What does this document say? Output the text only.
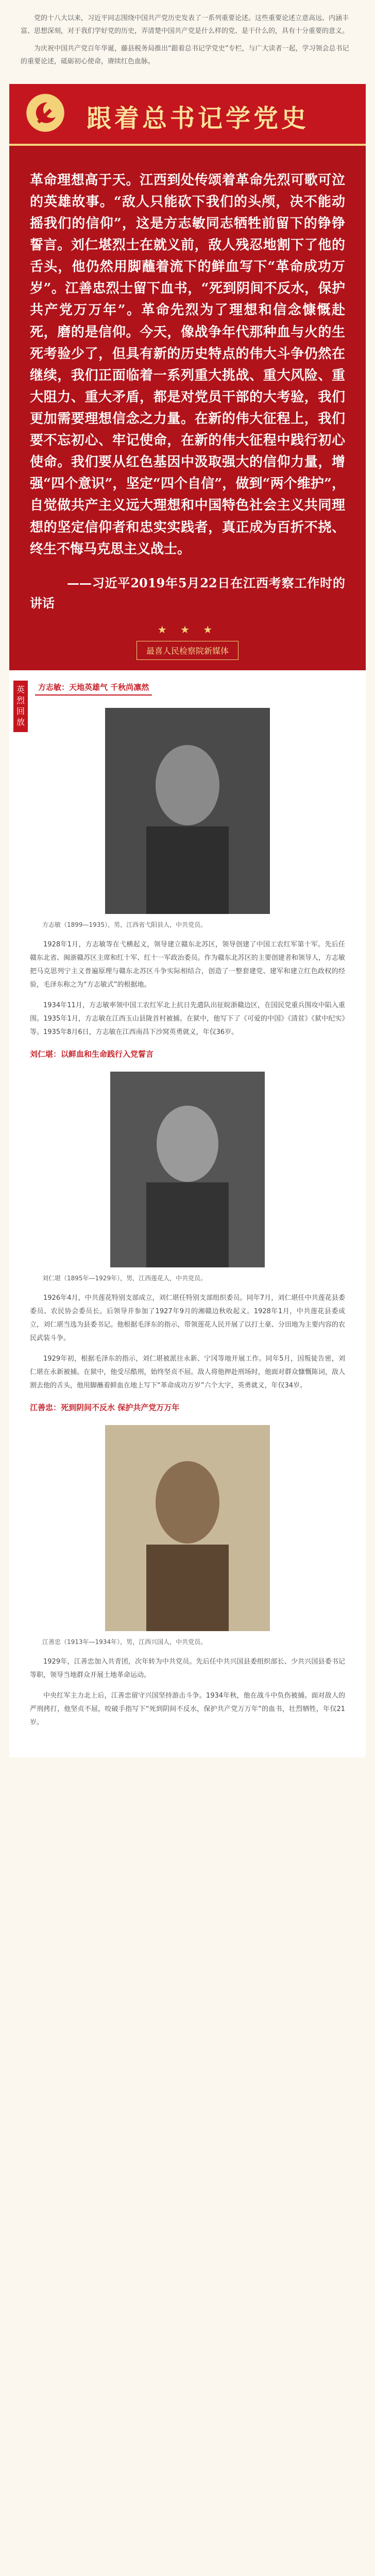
党的十八大以来，习近平同志围绕中国共产党历史发表了一系列重要论述。这些重要论述立意高远、内涵丰富、思想深刻，对于我们学好党的历史，弄清楚中国共产党是什么样的党、是干什么的，具有十分重要的意义。

为庆祝中国共产党百年华诞，藤县税务局推出“跟着总书记学党史”专栏，与广大读者一起，学习领会总书记的重要论述，砥砺初心使命，赓续红色血脉。

跟着总书记学党史
革命理想高于天。江西到处传颂着革命先烈可歌可泣的英雄故事。“敌人只能砍下我们的头颅，决不能动摇我们的信仰”，这是方志敏同志牺牲前留下的铮铮誓言。刘仁堪烈士在就义前，敌人残忍地割下了他的舌头，他仍然用脚蘸着流下的鲜血写下“革命成功万岁”。江善忠烈士留下血书，“死到阴间不反水，保护共产党万万年”。革命先烈为了理想和信念慷慨赴死，磨的是信仰。今天，像战争年代那种血与火的生死考验少了，但具有新的历史特点的伟大斗争仍然在继续，我们正面临着一系列重大挑战、重大风险、重大阻力、重大矛盾，都是对党员干部的大考验，我们更加需要理想信念之力量。在新的伟大征程上，我们要不忘初心、牢记使命，在新的伟大征程中践行初心使命。我们要从红色基因中汲取强大的信仰力量，增强“四个意识”，坚定“四个自信”，做到“两个维护”，自觉做共产主义远大理想和中国特色社会主义共同理想的坚定信仰者和忠实实践者，真正成为百折不挠、终生不悔马克思主义战士。
——习近平2019年5月22日在江西考察工作时的讲话
★ ★ ★
最喜人民检察院新媒体
英烈回放
方志敏：天地英雄气 千秋尚凛然
方志敏（1899—1935），男，江西省弋阳县人，中共党员。
1928年1月，方志敏等在弋横起义，领导建立赣东北苏区，领导创建了中国工农红军第十军。先后任赣东北省、闽浙赣苏区主席和红十军、红十一军政治委员。作为赣东北苏区的主要创建者和领导人，方志敏把马克思列宁主义普遍原理与赣东北苏区斗争实际相结合，创造了一整套建党、建军和建立红色政权的经验，毛泽东称之为“方志敏式”的根据地。
1934年11月，方志敏率领中国工农红军北上抗日先遣队出征皖浙赣边区，在国民党重兵围攻中陷入重围。1935年1月，方志敏在江西玉山县陇首村被捕。在狱中，他写下了《可爱的中国》《清贫》《狱中纪实》等。1935年8月6日，方志敏在江西南昌下沙窝英勇就义，年仅36岁。
刘仁堪：以鲜血和生命践行入党誓言
刘仁堪（1895年—1929年），男，江西莲花人，中共党员。
1926年4月，中共莲花特别支部成立，刘仁堪任特别支部组织委员。同年7月，刘仁堪任中共莲花县委委员、农民协会委员长。后领导并参加了1927年9月的湘赣边秋收起义。1928年1月，中共莲花县委成立，刘仁堪当选为县委书记。他根据毛泽东的指示，带领莲花人民开展了以打土豪、分田地为主要内容的农民武装斗争。
1929年初，根据毛泽东的指示，刘仁堪被派往永新、宁冈等地开展工作。同年5月，因叛徒告密，刘仁堪在永新被捕。在狱中，他受尽酷刑，始终坚贞不屈。敌人将他押赴刑场时，他面对群众慷慨陈词，敌人割去他的舌头，他用脚蘸着鲜血在地上写下“革命成功万岁”六个大字，英勇就义，年仅34岁。
江善忠：死到阴间不反水 保护共产党万万年
江善忠（1913年—1934年），男，江西兴国人，中共党员。
1929年，江善忠加入共青团，次年转为中共党员。先后任中共兴国县委组织部长、少共兴国县委书记等职，领导当地群众开展土地革命运动。
中央红军主力北上后，江善忠留守兴国坚持游击斗争。1934年秋，他在战斗中负伤被捕。面对敌人的严刑拷打，他坚贞不屈，咬破手指写下“死到阴间不反水，保护共产党万万年”的血书，壮烈牺牲，年仅21岁。
